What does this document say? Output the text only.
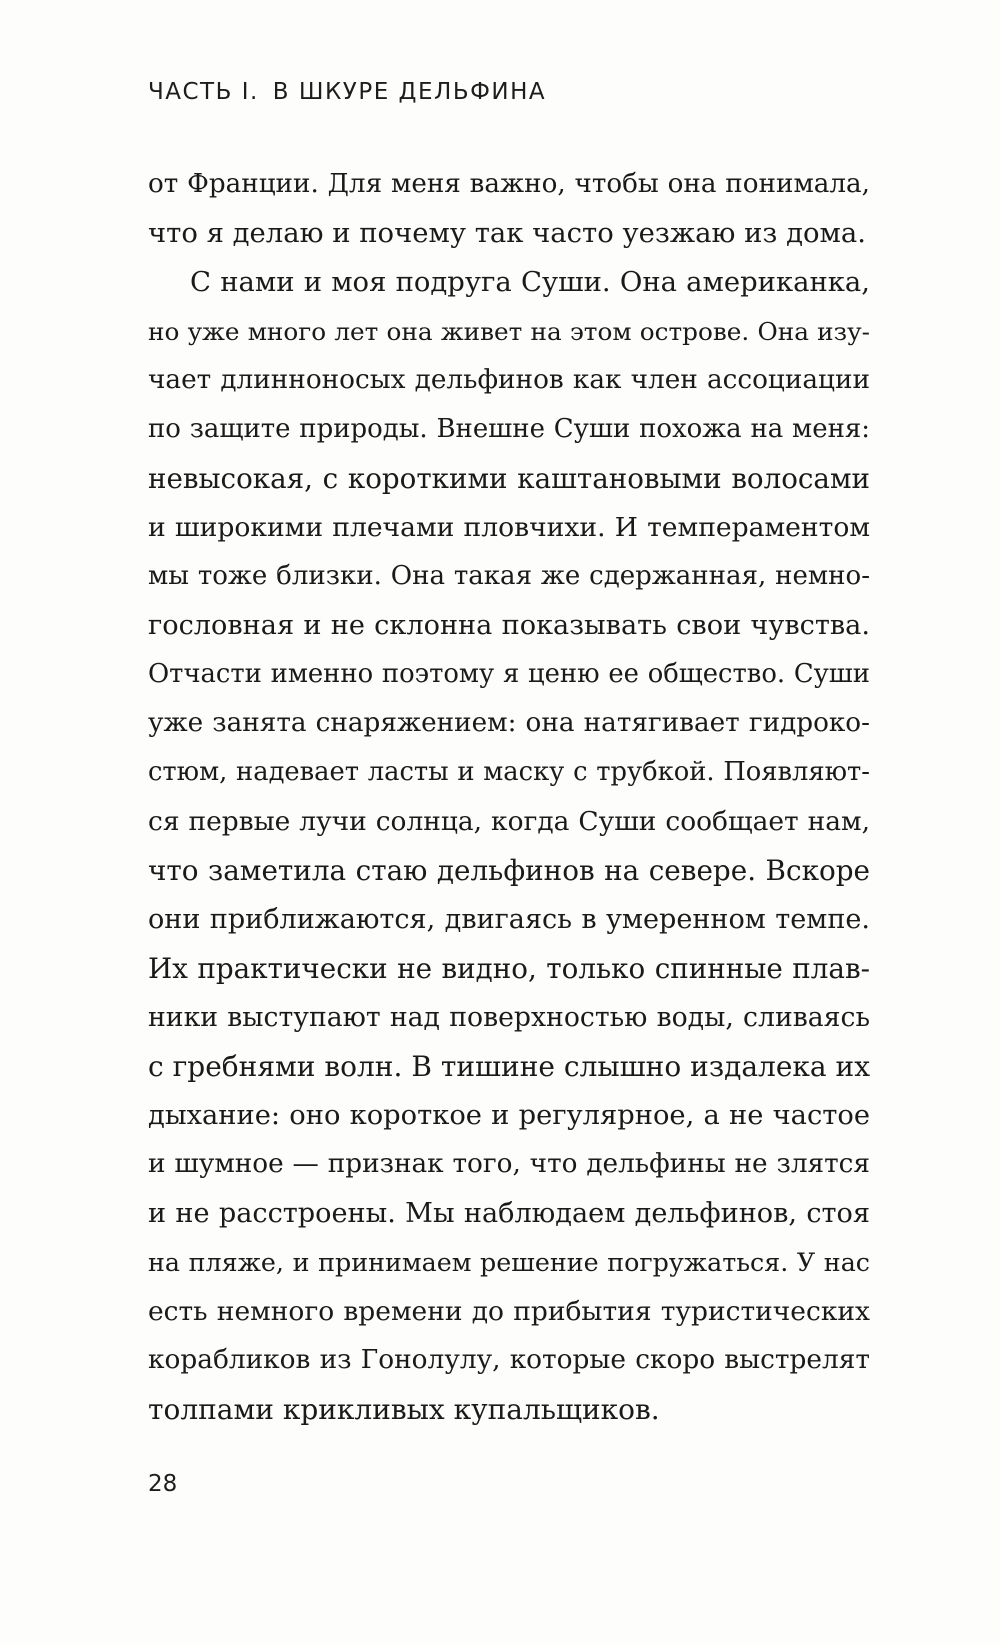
ЧАСТЬ I. В ШКУРЕ ДЕЛЬФИНА
от Франции. Для меня важно, чтобы она понимала,
что я делаю и почему так часто уезжаю из дома.
С нами и моя подруга Суши. Она американка,
но уже много лет она живет на этом острове. Она изу-
чает длинноносых дельфинов как член ассоциации
по защите природы. Внешне Суши похожа на меня:
невысокая, с короткими каштановыми волосами
и широкими плечами пловчихи. И темпераментом
мы тоже близки. Она такая же сдержанная, немно-
гословная и не склонна показывать свои чувства.
Отчасти именно поэтому я ценю ее общество. Суши
уже занята снаряжением: она натягивает гидроко-
стюм, надевает ласты и маску с трубкой. Появляют-
ся первые лучи солнца, когда Суши сообщает нам,
что заметила стаю дельфинов на севере. Вскоре
они приближаются, двигаясь в умеренном темпе.
Их практически не видно, только спинные плав-
ники выступают над поверхностью воды, сливаясь
с гребнями волн. В тишине слышно издалека их
дыхание: оно короткое и регулярное, а не частое
и шумное — признак того, что дельфины не злятся
и не расстроены. Мы наблюдаем дельфинов, стоя
на пляже, и принимаем решение погружаться. У нас
есть немного времени до прибытия туристических
корабликов из Гонолулу, которые скоро выстрелят
толпами крикливых купальщиков.
28
